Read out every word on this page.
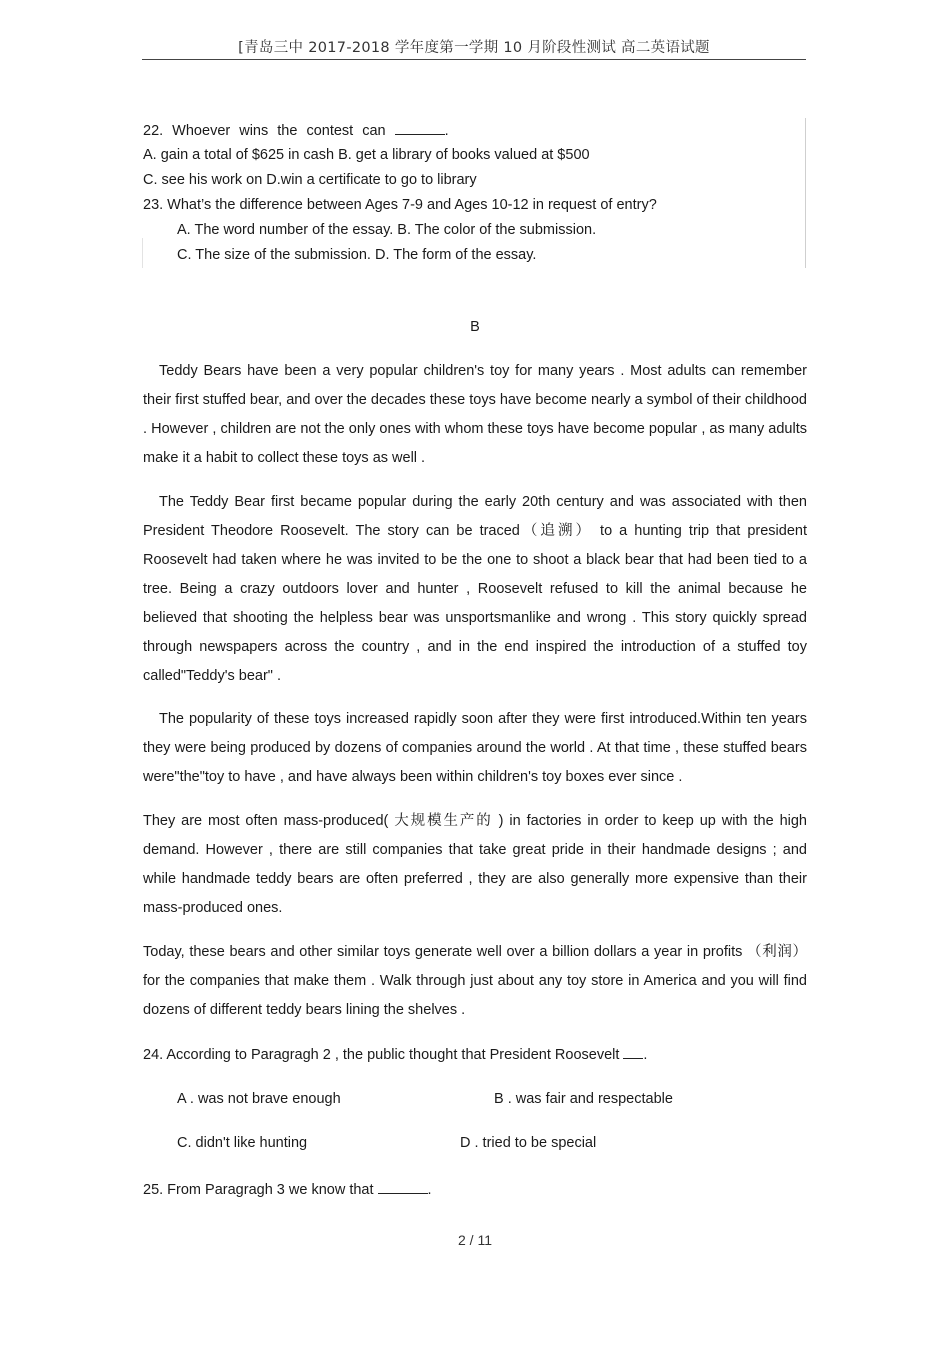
[青岛三中 2017-2018 学年度第一学期 10 月阶段性测试 高二英语试题
22. Whoever wins the contest can	.
A. gain a total of $625 in cash B. get a library of books valued at $500
C. see his work on D.win a certificate to go to library
23. What’s the difference between Ages 7-9 and Ages 10-12 in request of entry?
A. The word number of the essay. B. The color of the submission.
C. The size of the submission. D. The form of the essay.
B
Teddy Bears have been a very popular children's toy for many years . Most adults can remember their first stuffed bear, and over the decades these toys have become nearly a symbol of their childhood . However , children are not the only ones with whom these toys have become popular , as many adults make it a habit to collect these toys as well .
The Teddy Bear first became popular during the early 20th century and was associated with then President Theodore Roosevelt. The story can be traced（追溯） to a hunting trip that president Roosevelt had taken where he was invited to be the one to shoot a black bear that had been tied to a tree. Being a crazy outdoors lover and hunter , Roosevelt refused to kill the animal because he believed that shooting the helpless bear was unsportsmanlike and wrong . This story quickly spread through newspapers across the country , and in the end inspired the introduction of a stuffed toy called"Teddy's bear" .
The popularity of these toys increased rapidly soon after they were first introduced.Within ten years they were being produced by dozens of companies around the world . At that time , these stuffed bears were"the"toy to have , and have always been within children's toy boxes ever since .
They are most often mass-produced( 大规模生产的 ) in factories in order to keep up with the high demand. However , there are still companies that take great pride in their handmade designs ; and while handmade teddy bears are often preferred , they are also generally more expensive than their mass-produced ones.
Today, these bears and other similar toys generate well over a billion dollars a year in profits （利润） for the companies that make them . Walk through just about any toy store in America and you will find dozens of different teddy bears lining the shelves .
24. According to Paragragh 2 , the public thought that President Roosevelt .
A . was not brave enough	B . was fair and respectable
C. didn't like hunting	D . tried to be special
25. From Paragragh 3 we know that	.
2 / 11
